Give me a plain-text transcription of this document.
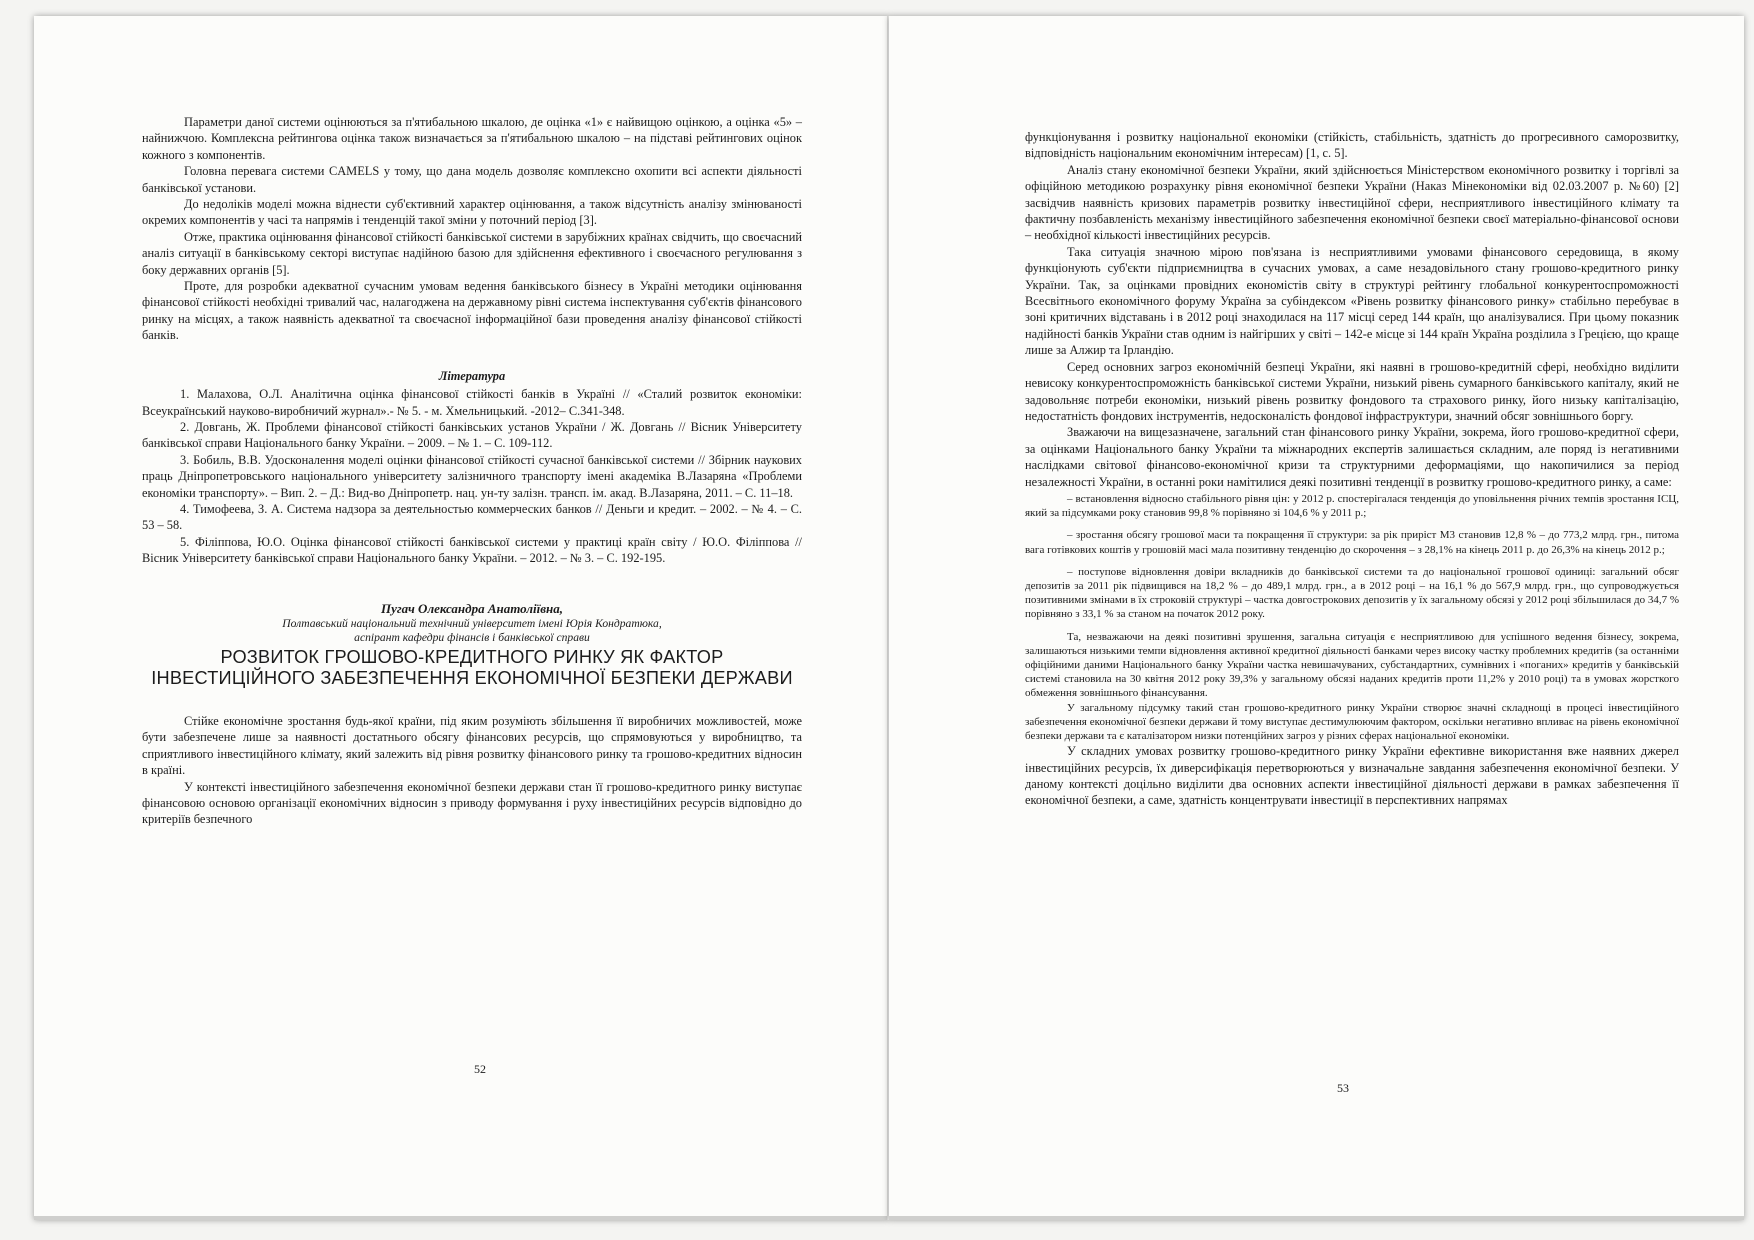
Параметри даної системи оцінюються за п'ятибальною шкалою, де оцінка «1» є найвищою оцінкою, а оцінка «5» – найнижчою. Комплексна рейтингова оцінка також визначається за п'ятибальною шкалою – на підставі рейтингових оцінок кожного з компонентів.

Головна перевага системи CAMELS у тому, що дана модель дозволяє комплексно охопити всі аспекти діяльності банківської установи.

До недоліків моделі можна віднести суб'єктивний характер оцінювання, а також відсутність аналізу змінюваності окремих компонентів у часі та напрямів і тенденцій такої зміни у поточний період [3].

Отже, практика оцінювання фінансової стійкості банківської системи в зарубіжних країнах свідчить, що своєчасний аналіз ситуації в банківському секторі виступає надійною базою для здійснення ефективного і своєчасного регулювання з боку державних органів [5].

Проте, для розробки адекватної сучасним умовам ведення банківського бізнесу в Україні методики оцінювання фінансової стійкості необхідні тривалий час, налагоджена на державному рівні система інспектування суб'єктів фінансового ринку на місцях, а також наявність адекватної та своєчасної інформаційної бази проведення аналізу фінансової стійкості банків.

Література

1. Малахова, О.Л. Аналітична оцінка фінансової стійкості банків в Україні // «Сталий розвиток економіки: Всеукраїнський науково-виробничий журнал».- № 5. - м. Хмельницький. -2012– С.341-348.

2. Довгань, Ж. Проблеми фінансової стійкості банківських установ України / Ж. Довгань // Вісник Університету банківської справи Національного банку України. – 2009. – № 1. – С. 109-112.

3. Бобиль, В.В. Удосконалення моделі оцінки фінансової стійкості сучасної банківської системи // Збірник наукових праць Дніпропетровського національного університету залізничного транспорту імені академіка В.Лазаряна «Проблеми економіки транспорту». – Вип. 2. – Д.: Вид-во Дніпропетр. нац. ун-ту залізн. трансп. ім. акад. В.Лазаряна, 2011. – С. 11–18.

4. Тимофеева, З. А. Система надзора за деятельностью коммерческих банков // Деньги и кредит. – 2002. – № 4. – С. 53 – 58.

5. Філіппова, Ю.О. Оцінка фінансової стійкості банківської системи у практиці країн світу / Ю.О. Філіппова // Вісник Університету банківської справи Національного банку України. – 2012. – № 3. – С. 192-195.

Пугач Олександра Анатоліївна,
Полтавський національний технічний університет імені Юрія Кондратюка,
аспірант кафедри фінансів і банківської справи
РОЗВИТОК ГРОШОВО-КРЕДИТНОГО РИНКУ ЯК ФАКТОР
ІНВЕСТИЦІЙНОГО ЗАБЕЗПЕЧЕННЯ ЕКОНОМІЧНОЇ БЕЗПЕКИ ДЕРЖАВИ

Стійке економічне зростання будь-якої країни, під яким розуміють збільшення її виробничих можливостей, може бути забезпечене лише за наявності достатнього обсягу фінансових ресурсів, що спрямовуються у виробництво, та сприятливого інвестиційного клімату, який залежить від рівня розвитку фінансового ринку та грошово-кредитних відносин в країні.

У контексті інвестиційного забезпечення економічної безпеки держави стан її грошово-кредитного ринку виступає фінансовою основою організації економічних відносин з приводу формування і руху інвестиційних ресурсів відповідно до критеріїв безпечного

52

функціонування і розвитку національної економіки (стійкість, стабільність, здатність до прогресивного саморозвитку, відповідність національним економічним інтересам) [1, с. 5].

Аналіз стану економічної безпеки України, який здійснюється Міністерством економічного розвитку і торгівлі за офіційною методикою розрахунку рівня економічної безпеки України (Наказ Мінекономіки від 02.03.2007 р. №60) [2] засвідчив наявність кризових параметрів розвитку інвестиційної сфери, несприятливого інвестиційного клімату та фактичну позбавленість механізму інвестиційного забезпечення економічної безпеки своєї матеріально-фінансової основи – необхідної кількості інвестиційних ресурсів.

Така ситуація значною мірою пов'язана із несприятливими умовами фінансового середовища, в якому функціонують суб'єкти підприємництва в сучасних умовах, а саме незадовільного стану грошово-кредитного ринку України. Так, за оцінками провідних економістів світу в структурі рейтингу глобальної конкурентоспроможності Всесвітнього економічного форуму Україна за субіндексом «Рівень розвитку фінансового ринку» стабільно перебуває в зоні критичних відставань і в 2012 році знаходилася на 117 місці серед 144 країн, що аналізувалися. При цьому показник надійності банків України став одним із найгірших у світі – 142-е місце зі 144 країн Україна розділила з Грецією, що краще лише за Алжир та Ірландію.

Серед основних загроз економічній безпеці України, які наявні в грошово-кредитній сфері, необхідно виділити невисоку конкурентоспроможність банківської системи України, низький рівень сумарного банківського капіталу, який не задовольняє потреби економіки, низький рівень розвитку фондового та страхового ринку, його низьку капіталізацію, недостатність фондових інструментів, недосконалість фондової інфраструктури, значний обсяг зовнішнього боргу.

Зважаючи на вищезазначене, загальний стан фінансового ринку України, зокрема, його грошово-кредитної сфери, за оцінками Національного банку України та міжнародних експертів залишається складним, але поряд із негативними наслідками світової фінансово-економічної кризи та структурними деформаціями, що накопичилися за період незалежності України, в останні роки намітилися деякі позитивні тенденції в розвитку грошово-кредитного ринку, а саме:

– встановлення відносно стабільного рівня цін: у 2012 р. спостерігалася тенденція до уповільнення річних темпів зростання ІСЦ, який за підсумками року становив 99,8 % порівняно зі 104,6 % у 2011 р.;

– зростання обсягу грошової маси та покращення її структури: за рік приріст М3 становив 12,8 % – до 773,2 млрд. грн., питома вага готівкових коштів у грошовій масі мала позитивну тенденцію до скорочення – з 28,1% на кінець 2011 р. до 26,3% на кінець 2012 р.;

– поступове відновлення довіри вкладників до банківської системи та до національної грошової одиниці: загальний обсяг депозитів за 2011 рік підвищився на 18,2 % – до 489,1 млрд. грн., а в 2012 році – на 16,1 % до 567,9 млрд. грн., що супроводжується позитивними змінами в їх строковій структурі – частка довгострокових депозитів у їх загальному обсязі у 2012 році збільшилася до 34,7 % порівняно з 33,1 % за станом на початок 2012 року.

Та, незважаючи на деякі позитивні зрушення, загальна ситуація є несприятливою для успішного ведення бізнесу, зокрема, залишаються низькими темпи відновлення активної кредитної діяльності банками через високу частку проблемних кредитів (за останніми офіційними даними Національного банку України частка невишачуваних, субстандартних, сумнівних і «поганих» кредитів у банківській системі становила на 30 квітня 2012 року 39,3% у загальному обсязі наданих кредитів проти 11,2% у 2010 році) та в умовах жорсткого обмеження зовнішнього фінансування.

У загальному підсумку такий стан грошово-кредитного ринку України створює значні складнощі в процесі інвестиційного забезпечення економічної безпеки держави й тому виступає дестимулюючим фактором, оскільки негативно впливає на рівень економічної безпеки держави та є каталізатором низки потенційних загроз у різних сферах національної економіки.

У складних умовах розвитку грошово-кредитного ринку України ефективне використання вже наявних джерел інвестиційних ресурсів, їх диверсифікація перетворюються у визначальне завдання забезпечення економічної безпеки. У даному контексті доцільно виділити два основних аспекти інвестиційної діяльності держави в рамках забезпечення її економічної безпеки, а саме, здатність концентрувати інвестиції в перспективних напрямах

53
